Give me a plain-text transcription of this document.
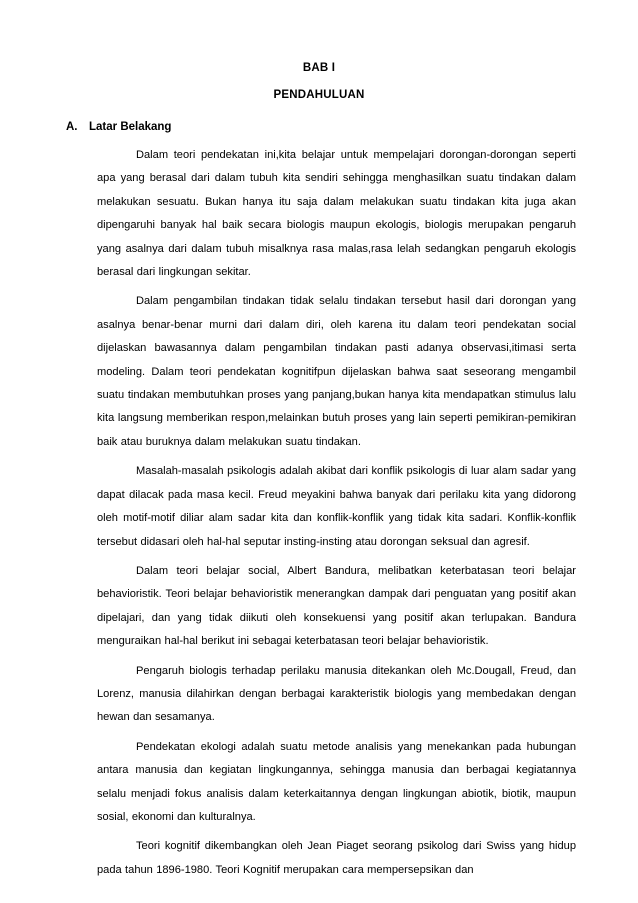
BAB I
PENDAHULUAN
A. Latar Belakang

Dalam teori pendekatan ini,kita belajar untuk mempelajari dorongan-dorongan seperti apa yang berasal dari dalam tubuh kita sendiri sehingga menghasilkan suatu tindakan dalam melakukan sesuatu. Bukan hanya itu saja dalam melakukan suatu tindakan kita juga akan dipengaruhi banyak hal baik secara biologis maupun ekologis, biologis merupakan pengaruh yang asalnya dari dalam tubuh misalknya rasa malas,rasa lelah sedangkan pengaruh ekologis berasal dari lingkungan sekitar.

Dalam pengambilan tindakan tidak selalu tindakan tersebut hasil dari dorongan yang asalnya benar-benar murni dari dalam diri, oleh karena itu dalam teori pendekatan social dijelaskan bawasannya dalam pengambilan tindakan pasti adanya observasi,itimasi serta modeling. Dalam teori pendekatan kognitifpun dijelaskan bahwa saat seseorang mengambil suatu tindakan membutuhkan proses yang panjang,bukan hanya kita mendapatkan stimulus lalu kita langsung memberikan respon,melainkan butuh proses yang lain seperti pemikiran-pemikiran baik atau buruknya dalam melakukan suatu tindakan.

Masalah-masalah psikologis adalah akibat dari konflik psikologis di luar alam sadar yang dapat dilacak pada masa kecil. Freud meyakini bahwa banyak dari perilaku kita yang didorong oleh motif-motif diliar alam sadar kita dan konflik-konflik yang tidak kita sadari. Konflik-konflik tersebut didasari oleh hal-hal seputar insting-insting atau dorongan seksual dan agresif.

Dalam teori belajar social, Albert Bandura, melibatkan keterbatasan teori belajar behavioristik. Teori belajar behavioristik menerangkan dampak dari penguatan yang positif akan dipelajari, dan yang tidak diikuti oleh konsekuensi yang positif akan terlupakan. Bandura menguraikan hal-hal berikut ini sebagai keterbatasan teori belajar behavioristik.

Pengaruh biologis terhadap perilaku manusia ditekankan oleh Mc.Dougall, Freud, dan Lorenz, manusia dilahirkan dengan berbagai karakteristik biologis yang membedakan dengan hewan dan sesamanya.

Pendekatan ekologi adalah suatu metode analisis yang menekankan pada hubungan antara manusia dan kegiatan lingkungannya, sehingga manusia dan berbagai kegiatannya selalu menjadi fokus analisis dalam keterkaitannya dengan lingkungan abiotik, biotik, maupun sosial, ekonomi dan kulturalnya.

Teori kognitif dikembangkan oleh Jean Piaget seorang psikolog dari Swiss yang hidup pada tahun 1896-1980. Teori Kognitif merupakan cara mempersepsikan dan
